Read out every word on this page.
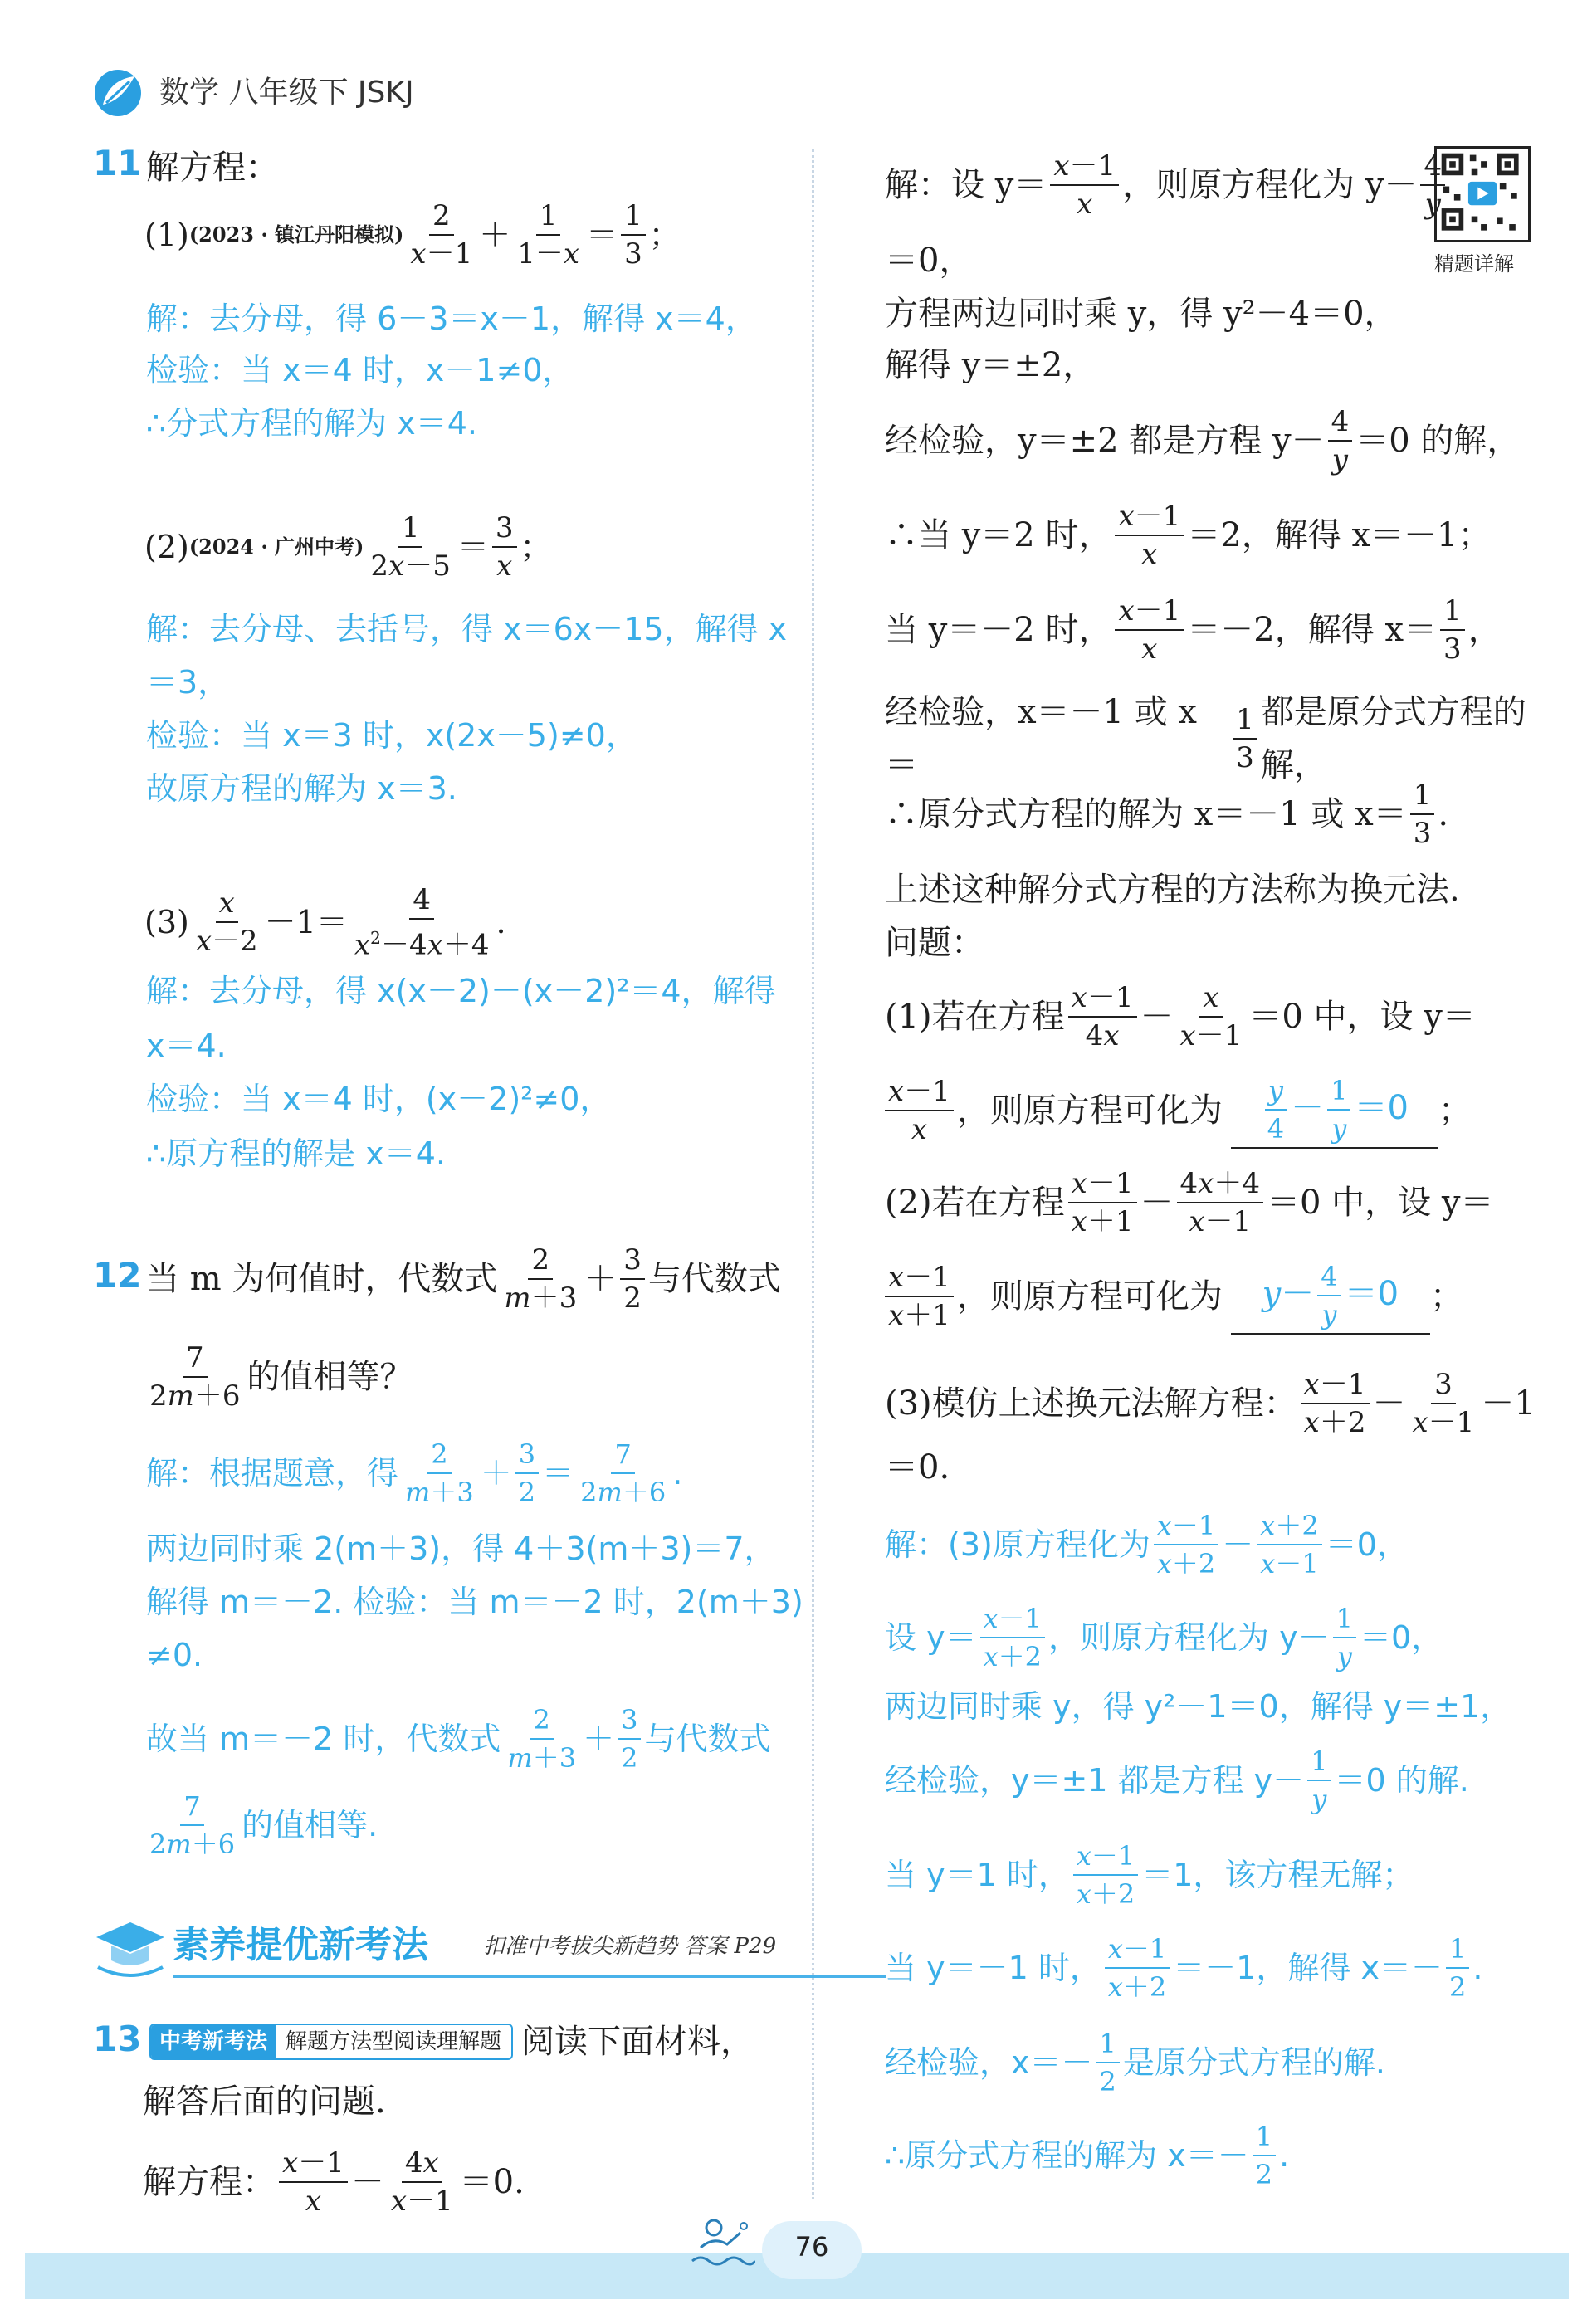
数学 八年级下 JSKJ
精题详解
11 解方程：
(1) (2023 · 镇江丹阳模拟) $\frac{2}{x-1} + \frac{1}{1-x} = \frac{1}{3}$ ；
解：去分母，得 6－3＝x－1，解得 x＝4，
检验：当 x＝4 时，x－1≠0，
∴分式方程的解为 x＝4.
(2) (2024 · 广州中考) $\frac{1}{2x-5} = \frac{3}{x}$ ；
解：去分母、去括号，得 x＝6x－15，解得 x
＝3，
检验：当 x＝3 时，x(2x－5)≠0，
故原方程的解为 x＝3.
$(3) \frac{x}{x-2} -1= \frac{4}{x^2-4x+4}$ .
解：去分母，得 x(x－2)－(x－2)²＝4，解得
x＝4.
检验：当 x＝4 时，(x－2)²≠0，
∴原方程的解是 x＝4.
12 当 m 为何值时，代数式 $\frac{2}{m+3} + \frac{3}{2}$ 与代数式
$\frac{7}{2m+6}$ 的值相等？
解：根据题意，得 $\frac{2}{m+3} + \frac{3}{2} = \frac{7}{2m+6}$ .
两边同时乘 2(m＋3)，得 4＋3(m＋3)＝7，
解得 m＝－2. 检验：当 m＝－2 时，2(m＋3)
≠0.
故当 m＝－2 时，代数式 $\frac{2}{m+3} + \frac{3}{2}$ 与代数式
$\frac{7}{2m+6}$ 的值相等.
素养提优新考法	扣准中考拔尖新趋势 答案 P29
13 中考新考法 解题方法型阅读理解题 阅读下面材料，
解答后面的问题.
解方程： $\frac{x-1}{x} - \frac{4x}{x-1} =0$.
解：设 $y= \frac{x-1}{x}$ ，则原方程化为 $y- \frac{4}{y}$
＝0，
方程两边同时乘 y，得 y²－4＝0，
解得 y＝±2，
经检验，y＝±2 都是方程 $y- \frac{4}{y} =0$ 的解，
∴当 y＝2 时， $\frac{x-1}{x} =2$，解得 x＝－1；
当 y＝－2 时， $\frac{x-1}{x} =-2$，解得 $x= \frac{1}{3}$ ，
经检验，x＝－1 或 x＝	$\frac{1}{3}$ 都是原分式方程的解，
∴原分式方程的解为 x＝－1 或 $x= \frac{1}{3}$ .
上述这种解分式方程的方法称为换元法.
问题：
(1)若在方程 $\frac{x-1}{4x} - \frac{x}{x-1} =0$ 中，设 y＝
$\frac{x-1}{x}$ ，则原方程可化为 $\frac{y}{4} - \frac{1}{y} =0$ ；
(2)若在方程 $\frac{x-1}{x+1} - \frac{4x+4}{x-1} =0$ 中，设 y＝
$\frac{x-1}{x+1}$ ，则原方程可化为	$y- \frac{4}{y} =0$ ；
(3)模仿上述换元法解方程： $\frac{x-1}{x+2} - \frac{3}{x-1} -1$
＝0.
解：(3)原方程化为 $\frac{x-1}{x+2} - \frac{x+2}{x-1} =0$，
设 $y= \frac{x-1}{x+2}$ ，则原方程化为 $y- \frac{1}{y} =0$，
两边同时乘 y，得 y²－1＝0，解得 y＝±1，
经检验，y＝±1 都是方程 $y- \frac{1}{y} =0$ 的解.
当 y＝1 时， $\frac{x-1}{x+2} =1$，该方程无解；
当 y＝－1 时， $\frac{x-1}{x+2} =-1$，解得 $x=- \frac{1}{2}$ .
经检验，$x=- \frac{1}{2}$ 是原分式方程的解.
∴原分式方程的解为 $x=- \frac{1}{2}$ .
76
